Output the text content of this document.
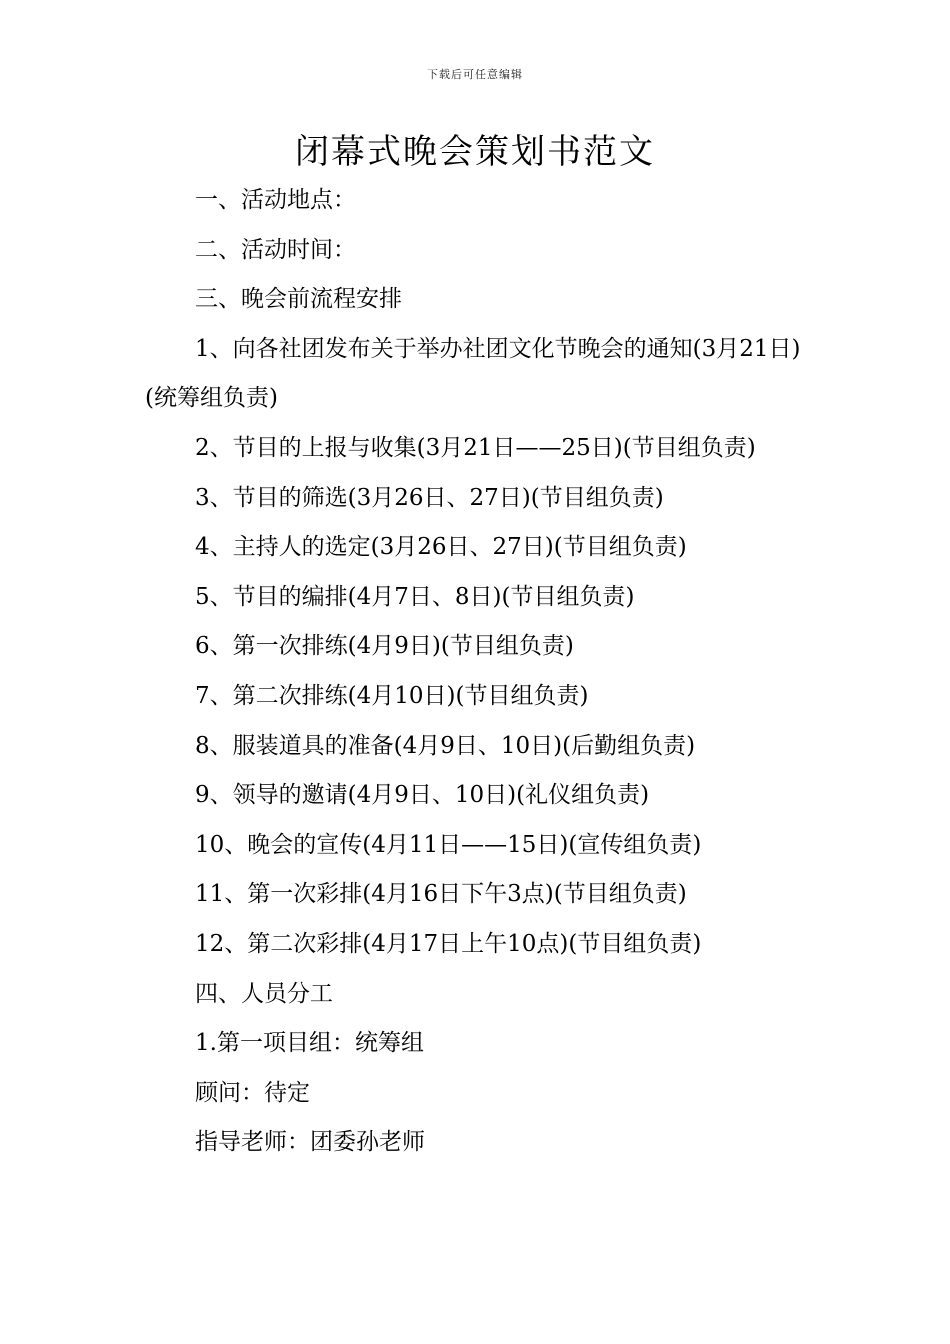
下载后可任意编辑
闭幕式晚会策划书范文

一、活动地点：

二、活动时间：

三、晚会前流程安排

1、向各社团发布关于举办社团文化节晚会的通知(3月21日)(统筹组负责)

2、节目的上报与收集(3月21日——25日)(节目组负责)

3、节目的筛选(3月26日、27日)(节目组负责)

4、主持人的选定(3月26日、27日)(节目组负责)

5、节目的编排(4月7日、8日)(节目组负责)

6、第一次排练(4月9日)(节目组负责)

7、第二次排练(4月10日)(节目组负责)

8、服装道具的准备(4月9日、10日)(后勤组负责)

9、领导的邀请(4月9日、10日)(礼仪组负责)

10、晚会的宣传(4月11日——15日)(宣传组负责)

11、第一次彩排(4月16日下午3点)(节目组负责)

12、第二次彩排(4月17日上午10点)(节目组负责)

四、人员分工

1.第一项目组：统筹组

顾问：待定

指导老师：团委孙老师
